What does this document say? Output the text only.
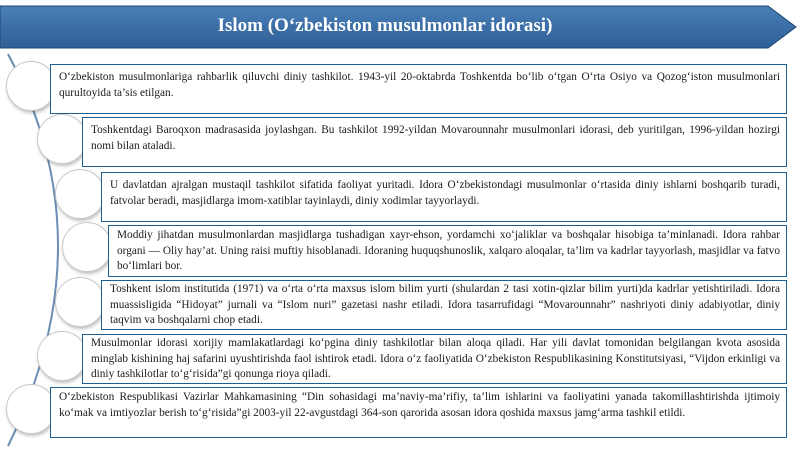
Islom (O‘zbekiston musulmonlar idorasi)
O‘zbekiston musulmonlariga rahbarlik qiluvchi diniy tashkilot. 1943-yil 20-oktabrda Toshkentda bo‘lib o‘tgan O‘rta Osiyo va Qozog‘iston musulmonlari qurultoyida ta’sis etilgan.
Toshkentdagi Baroqxon madrasasida joylashgan. Bu tashkilot 1992-yildan Movarounnahr musulmonlari idorasi, deb yuritilgan, 1996-yildan hozirgi nomi bilan ataladi.
U davlatdan ajralgan mustaqil tashkilot sifatida faoliyat yuritadi. Idora O‘zbekistondagi musulmonlar o‘rtasida diniy ishlarni boshqarib turadi, fatvolar beradi, masjidlarga imom-xatiblar tayinlaydi, diniy xodimlar tayyorlaydi.
Moddiy jihatdan musulmonlardan masjidlarga tushadigan xayr-ehson, yordamchi xo‘jaliklar va boshqalar hisobiga ta’minlanadi. Idora rahbar organi — Oliy hay’at. Uning raisi muftiy hisoblanadi. Idoraning huquqshunoslik, xalqaro aloqalar, ta’lim va kadrlar tayyorlash, masjidlar va fatvo bo‘limlari bor.
Toshkent islom institutida (1971) va o‘rta o‘rta maxsus islom bilim yurti (shulardan 2 tasi xotin-qizlar bilim yurti)da kadrlar yetishtiriladi. Idora muassisligida “Hidoyat” jurnali va “Islom nuri” gazetasi nashr etiladi. Idora tasarrufidagi “Movarounnahr” nashriyoti diniy adabiyotlar, diniy taqvim va boshqalarni chop etadi.
Musulmonlar idorasi xorijiy mamlakatlardagi ko‘pgina diniy tashkilotlar bilan aloqa qiladi. Har yili davlat tomonidan belgilangan kvota asosida minglab kishining haj safarini uyushtirishda faol ishtirok etadi. Idora o‘z faoliyatida O‘zbekiston Respublikasining Konstitutsiyasi, “Vijdon erkinligi va diniy tashkilotlar to‘g‘risida”gi qonunga rioya qiladi.
O‘zbekiston Respublikasi Vazirlar Mahkamasining “Din sohasidagi ma’naviy-ma’rifiy, ta’lim ishlarini va faoliyatini yanada takomillashtirishda ijtimoiy ko‘mak va imtiyozlar berish to‘g‘risida”gi 2003-yil 22-avgustdagi 364-son qarorida asosan idora qoshida maxsus jamg‘arma tashkil etildi.
